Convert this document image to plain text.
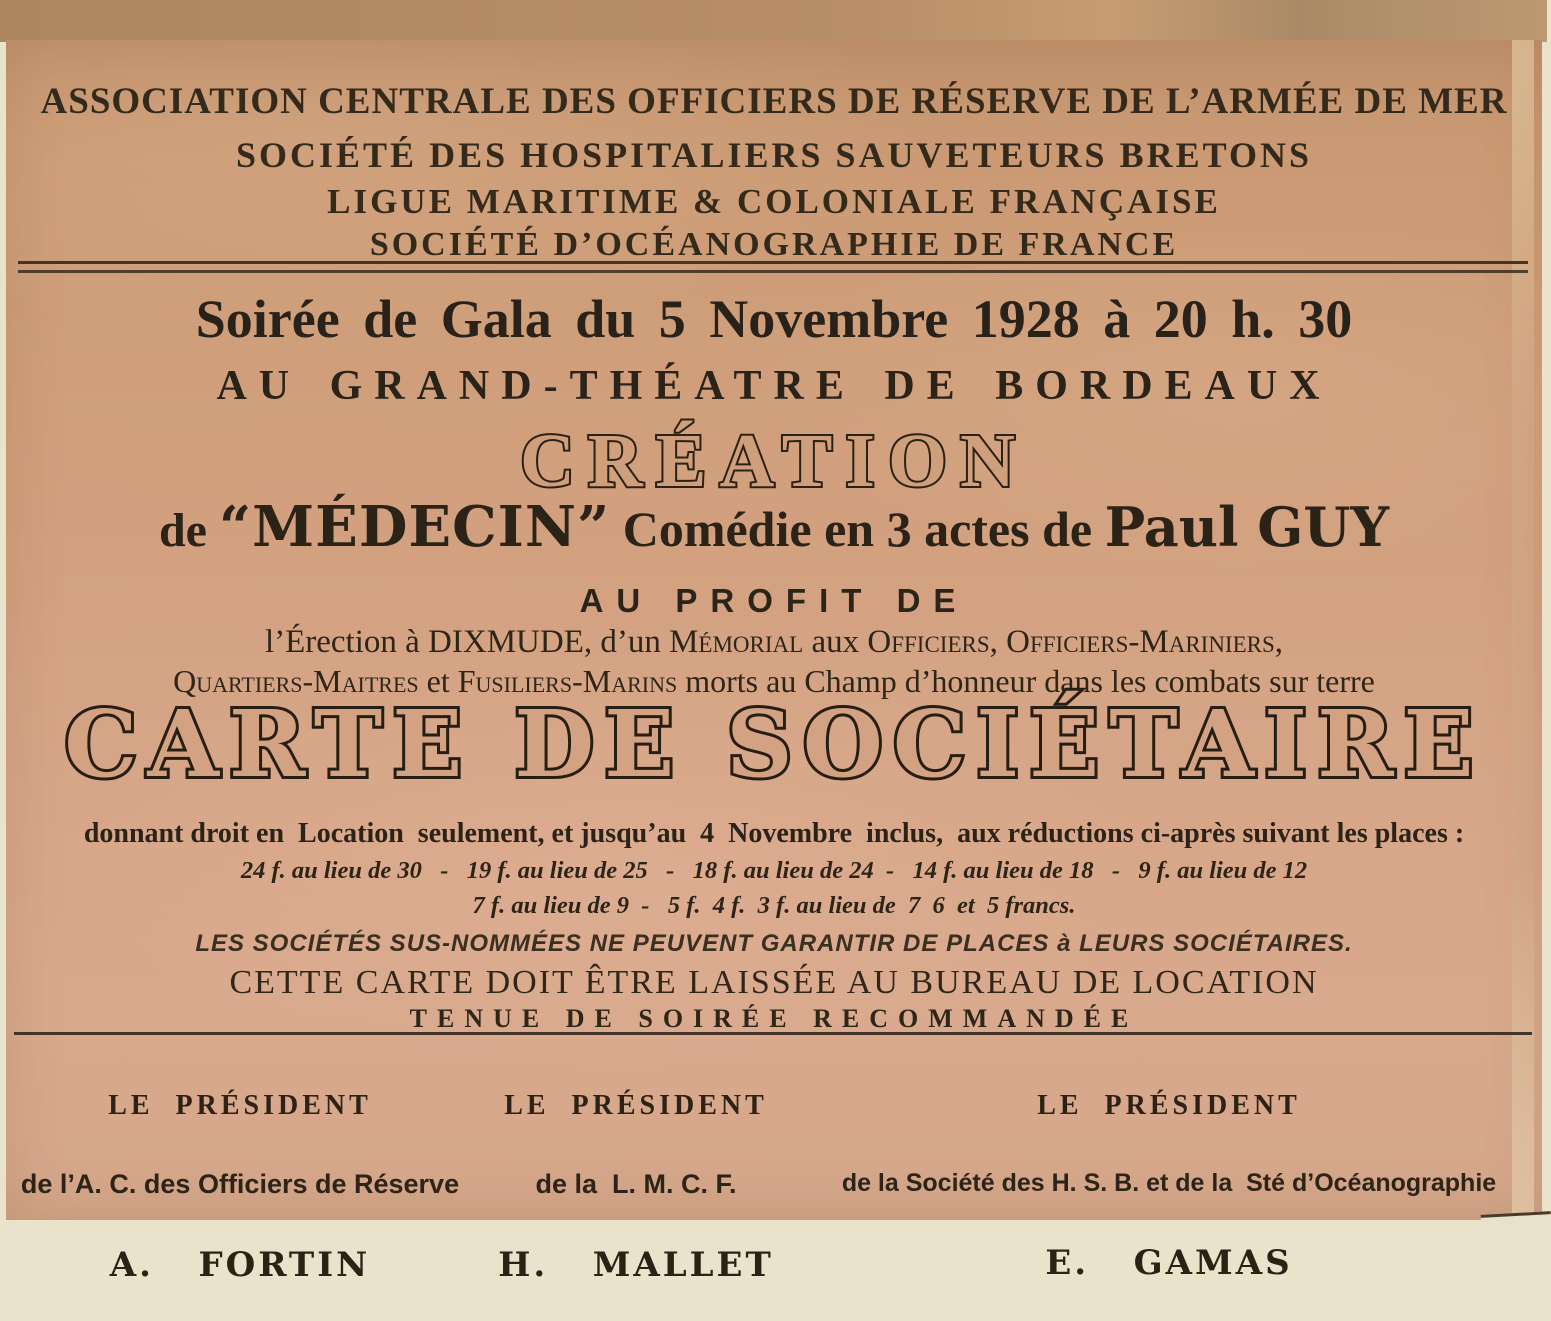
ASSOCIATION CENTRALE DES OFFICIERS DE RÉSERVE DE L’ARMÉE DE MER
SOCIÉTÉ DES HOSPITALIERS SAUVETEURS BRETONS
LIGUE MARITIME & COLONIALE FRANÇAISE
SOCIÉTÉ D’OCÉANOGRAPHIE DE FRANCE
Soirée de Gala du 5 Novembre 1928 à 20 h. 30
AU GRAND-THÉATRE DE BORDEAUX
CRÉATION
de “MÉDECIN” Comédie en 3 actes de Paul GUY
AU PROFIT DE
l’Érection à DIXMUDE, d’un Mémorial aux Officiers, Officiers-Mariniers,
Quartiers-Maitres et Fusiliers-Marins morts au Champ d’honneur dans les combats sur terre
CARTE DE SOCIÉTAIRE
donnant droit en  Location  seulement, et jusqu’au  4  Novembre  inclus,  aux réductions ci-après suivant les places :
24 f. au lieu de 30   -   19 f. au lieu de 25   -   18 f. au lieu de 24  -   14 f. au lieu de 18   -   9 f. au lieu de 12
7 f. au lieu de 9  -   5 f.  4 f.  3 f. au lieu de  7  6  et  5 francs.
LES SOCIÉTÉS SUS-NOMMÉES NE PEUVENT GARANTIR DE PLACES à LEURS SOCIÉTAIRES.
CETTE CARTE DOIT ÊTRE LAISSÉE AU BUREAU DE LOCATION
TENUE DE SOIRÉE RECOMMANDÉE

LE  PRÉSIDENT

de l’A. C. des Officiers de Réserve

A.   FORTIN

LE  PRÉSIDENT

de la  L. M. C. F.

H.   MALLET

LE  PRÉSIDENT

de la Société des H. S. B. et de la  Sté d’Océanographie

E.   GAMAS
